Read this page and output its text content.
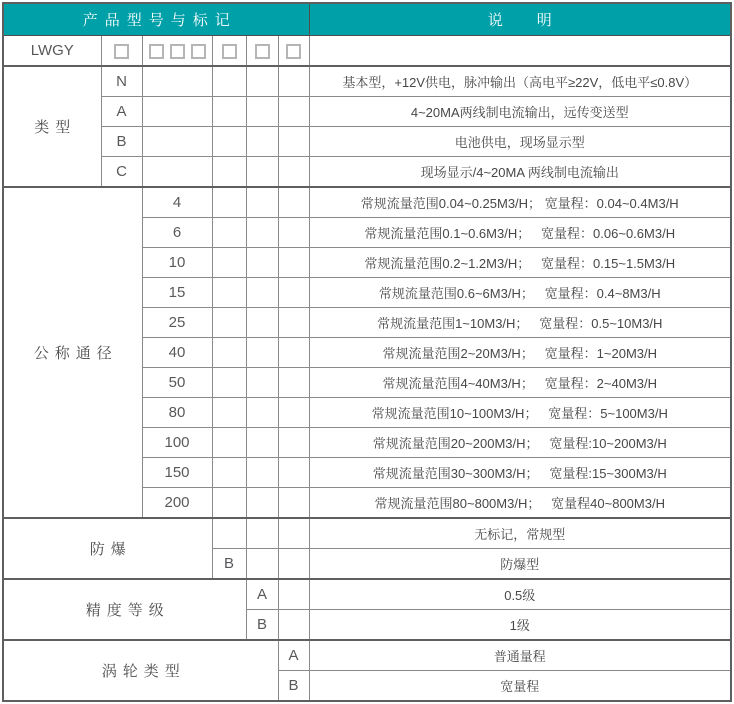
产品型号与标记						说明
LWGY						
类型	N					基本型，+12V供电，脉冲输出（高电平≥22V，低电平≤0.8V）
	A					4~20MA两线制电流输出，远传变送型
	B					电池供电，现场显示型
	C					现场显示/4~20MA 两线制电流输出
公称通径		4				常规流量范围0.04~0.25M3/H； 宽量程：0.04~0.4M3/H
		6				常规流量范围0.1~0.6M3/H；   宽量程：0.06~0.6M3/H
		10				常规流量范围0.2~1.2M3/H；   宽量程：0.15~1.5M3/H
		15				常规流量范围0.6~6M3/H；   宽量程：0.4~8M3/H
		25				常规流量范围1~10M3/H；   宽量程：0.5~10M3/H
		40				常规流量范围2~20M3/H；   宽量程：1~20M3/H
		50				常规流量范围4~40M3/H；   宽量程：2~40M3/H
		80				常规流量范围10~100M3/H；   宽量程：5~100M3/H
		100				常规流量范围20~200M3/H；   宽量程:10~200M3/H
		150				常规流量范围30~300M3/H；   宽量程:15~300M3/H
		200				常规流量范围80~800M3/H；   宽量程40~800M3/H
防爆						无标记，常规型
			B			防爆型
精度等级				A		0.5级
				B		1级
涡轮类型					A	普通量程
					B	宽量程
